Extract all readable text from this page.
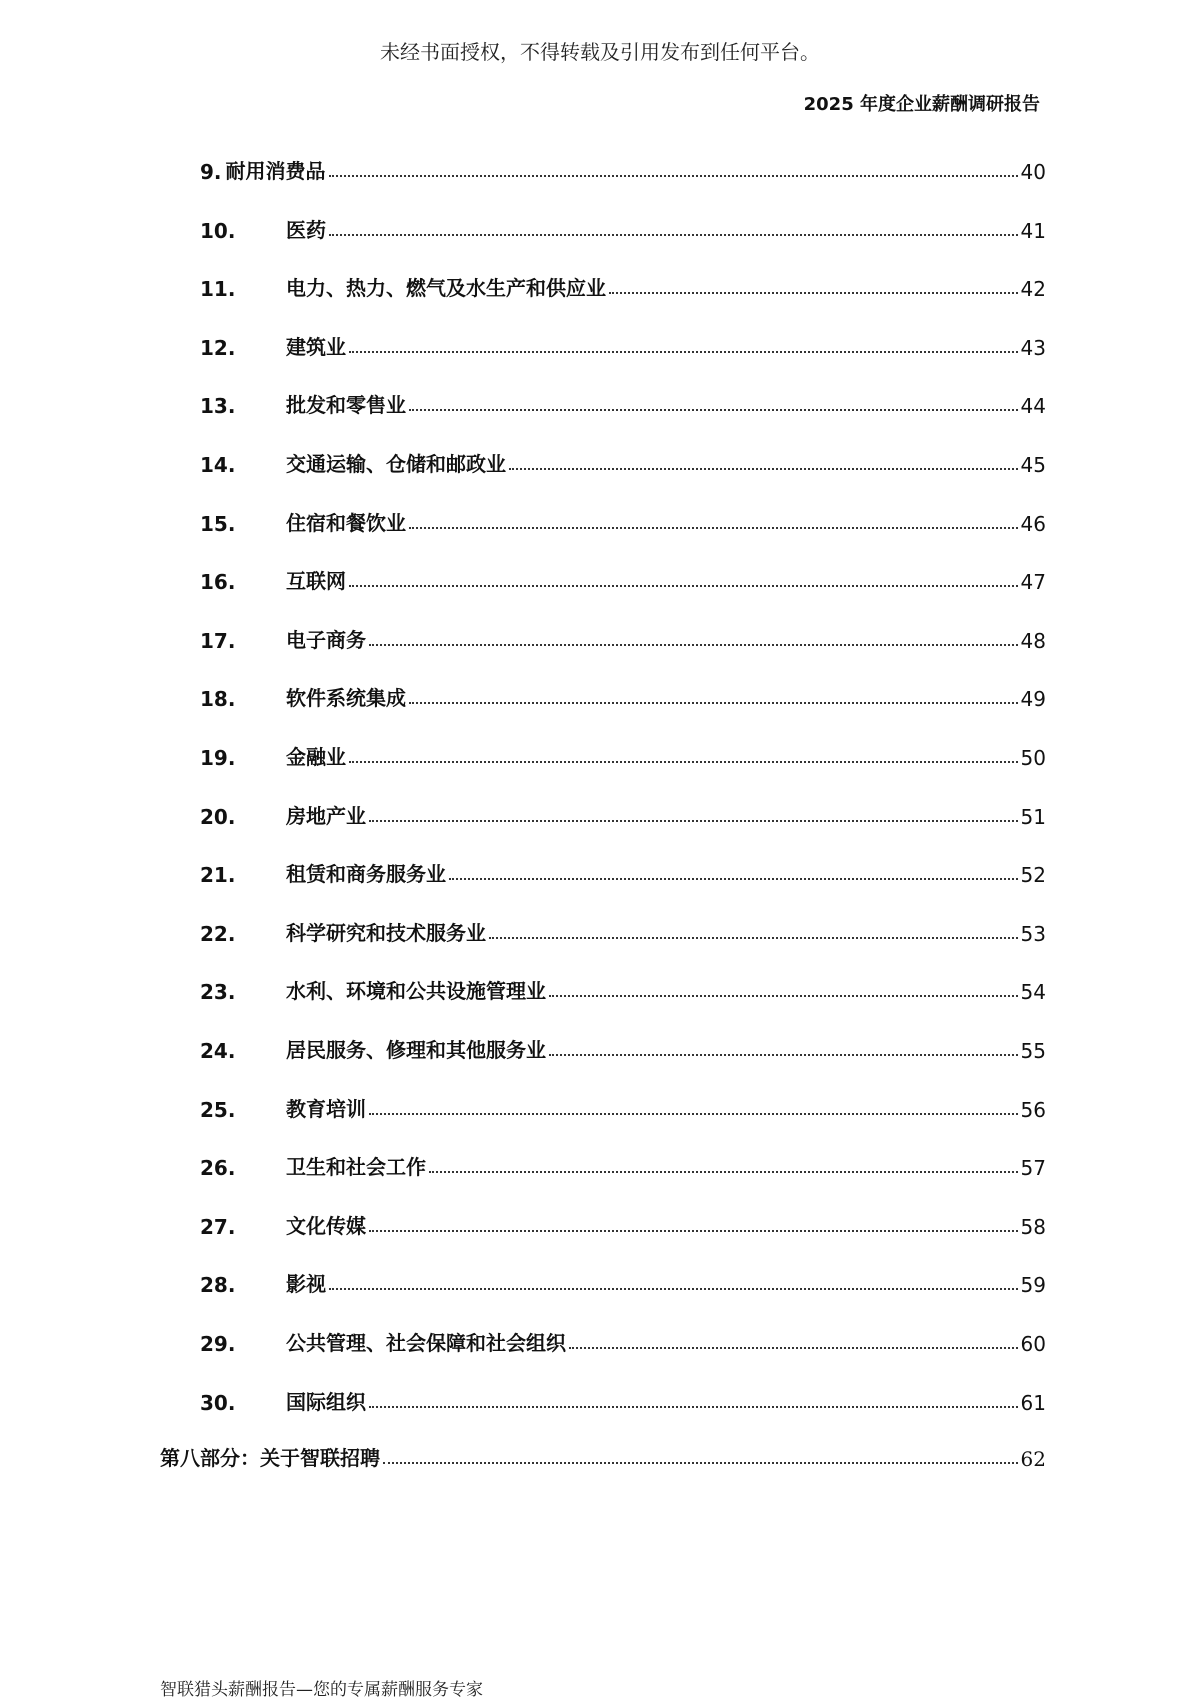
未经书面授权，不得转载及引用发布到任何平台。
2025 年度企业薪酬调研报告
9. 耐用消费品	40
10.	医药	41
11.	电力、热力、燃气及水生产和供应业	42
12.	建筑业	43
13.	批发和零售业	44
14.	交通运输、仓储和邮政业	45
15.	住宿和餐饮业	46
16.	互联网	47
17.	电子商务	48
18.	软件系统集成	49
19.	金融业	50
20.	房地产业	51
21.	租赁和商务服务业	52
22.	科学研究和技术服务业	53
23.	水利、环境和公共设施管理业	54
24.	居民服务、修理和其他服务业	55
25.	教育培训	56
26.	卫生和社会工作	57
27.	文化传媒	58
28.	影视	59
29.	公共管理、社会保障和社会组织	60
30.	国际组织	61
第八部分：关于智联招聘	62
智联猎头薪酬报告—您的专属薪酬服务专家
